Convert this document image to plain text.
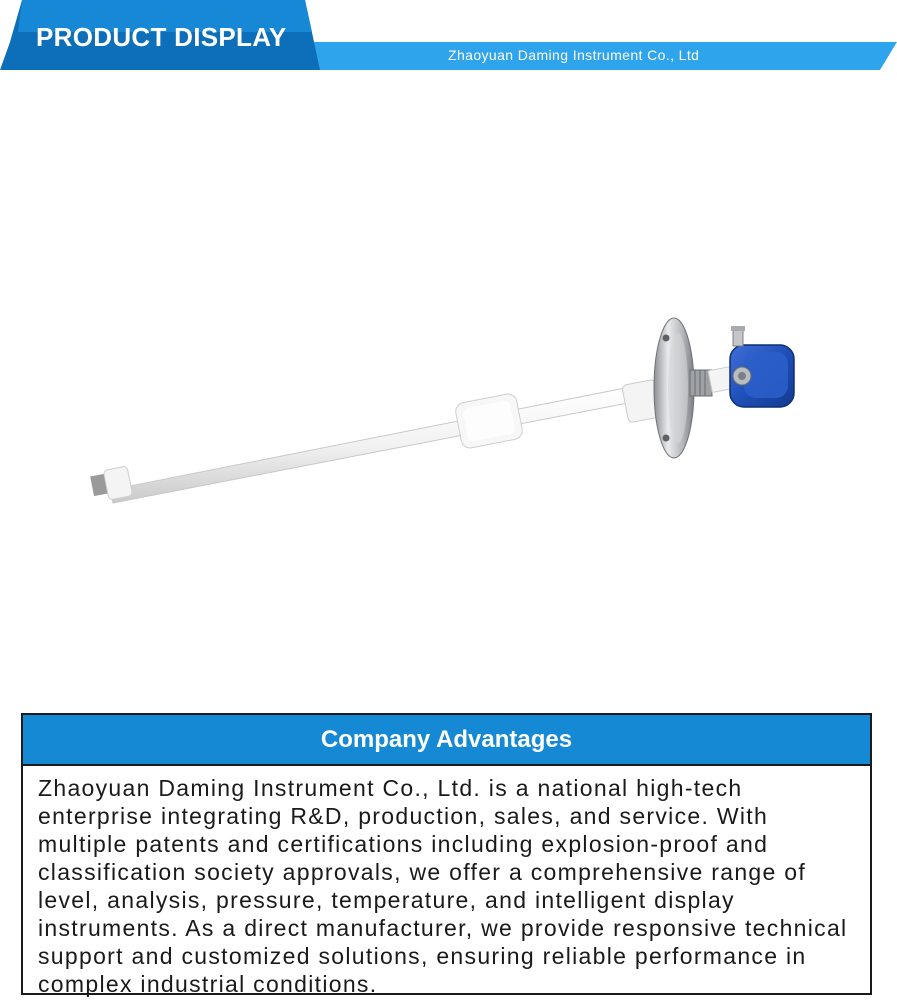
PRODUCT DISPLAY
Zhaoyuan Daming Instrument Co., Ltd
Company Advantages
Zhaoyuan Daming Instrument Co., Ltd. is a national high-tech enterprise integrating R&D, production, sales, and service. With multiple patents and certifications including explosion-proof and classification society approvals, we offer a comprehensive range of level, analysis, pressure, temperature, and intelligent display instruments. As a direct manufacturer, we provide responsive technical support and customized solutions, ensuring reliable performance in complex industrial conditions.
